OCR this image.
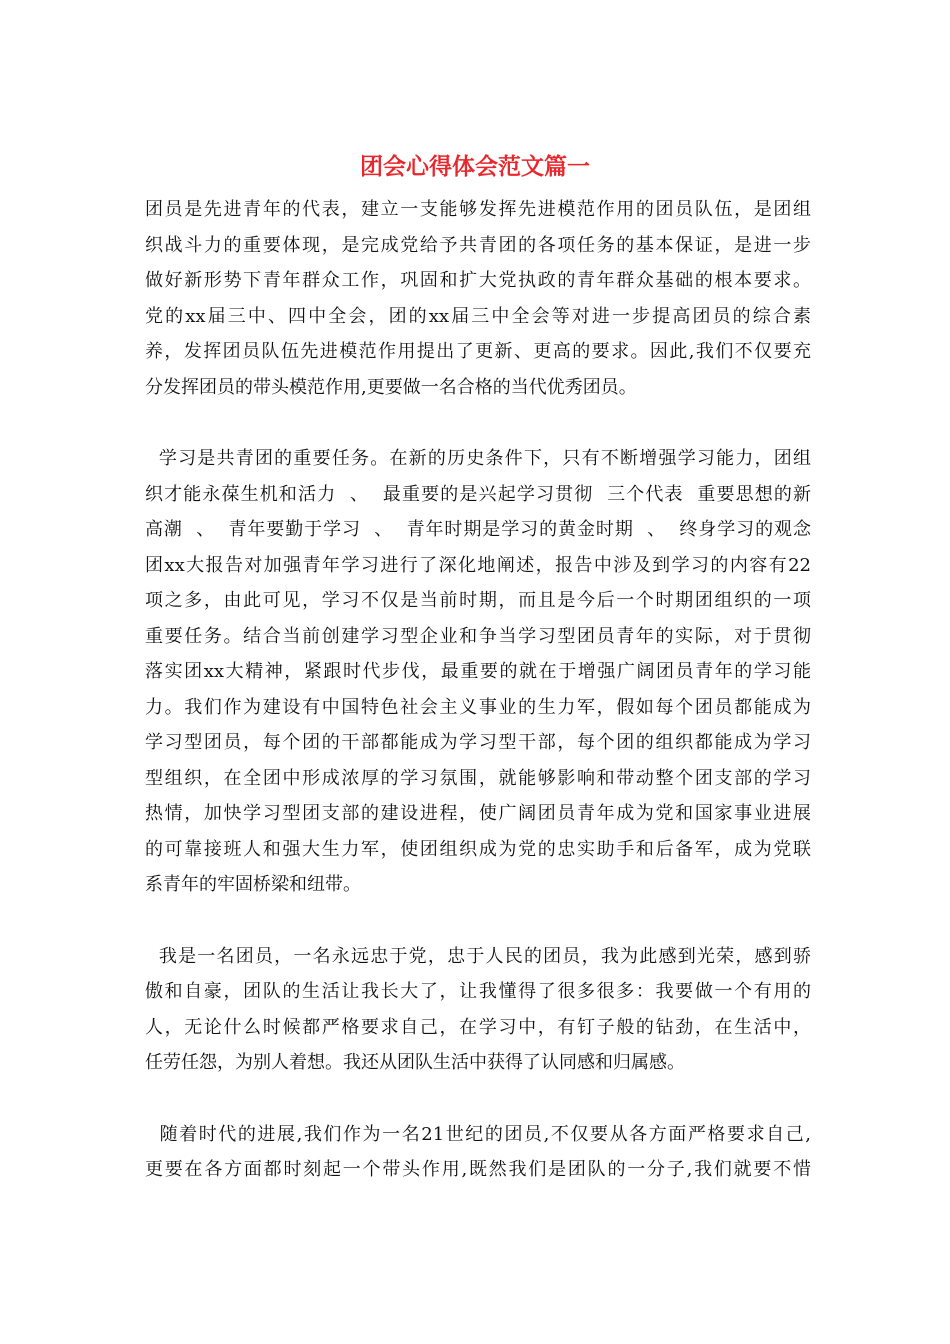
团会心得体会范文篇一
团员是先进青年的代表，建立一支能够发挥先进模范作用的团员队伍，是团组
织战斗力的重要体现，是完成党给予共青团的各项任务的基本保证，是进一步
做好新形势下青年群众工作，巩固和扩大党执政的青年群众基础的根本要求。
党的xx届三中、四中全会，团的xx届三中全会等对进一步提高团员的综合素
养，发挥团员队伍先进模范作用提出了更新、更高的要求。因此,我们不仅要充
分发挥团员的带头模范作用,更要做一名合格的当代优秀团员。
学习是共青团的重要任务。在新的历史条件下，只有不断增强学习能力，团组
织才能永葆生机和活力  、  最重要的是兴起学习贯彻  三个代表  重要思想的新
高潮  、  青年要勤于学习  、  青年时期是学习的黄金时期  、  终身学习的观念
团xx大报告对加强青年学习进行了深化地阐述，报告中涉及到学习的内容有22
项之多，由此可见，学习不仅是当前时期，而且是今后一个时期团组织的一项
重要任务。结合当前创建学习型企业和争当学习型团员青年的实际，对于贯彻
落实团xx大精神，紧跟时代步伐，最重要的就在于增强广阔团员青年的学习能
力。我们作为建设有中国特色社会主义事业的生力军，假如每个团员都能成为
学习型团员，每个团的干部都能成为学习型干部，每个团的组织都能成为学习
型组织，在全团中形成浓厚的学习氛围，就能够影响和带动整个团支部的学习
热情，加快学习型团支部的建设进程，使广阔团员青年成为党和国家事业进展
的可靠接班人和强大生力军，使团组织成为党的忠实助手和后备军，成为党联
系青年的牢固桥梁和纽带。
我是一名团员，一名永远忠于党，忠于人民的团员，我为此感到光荣，感到骄
傲和自豪，团队的生活让我长大了，让我懂得了很多很多：我要做一个有用的
人，无论什么时候都严格要求自己，在学习中，有钉子般的钻劲，在生活中，
任劳任怨，为别人着想。我还从团队生活中获得了认同感和归属感。
随着时代的进展,我们作为一名21世纪的团员,不仅要从各方面严格要求自己,
更要在各方面都时刻起一个带头作用,既然我们是团队的一分子,我们就要不惜
